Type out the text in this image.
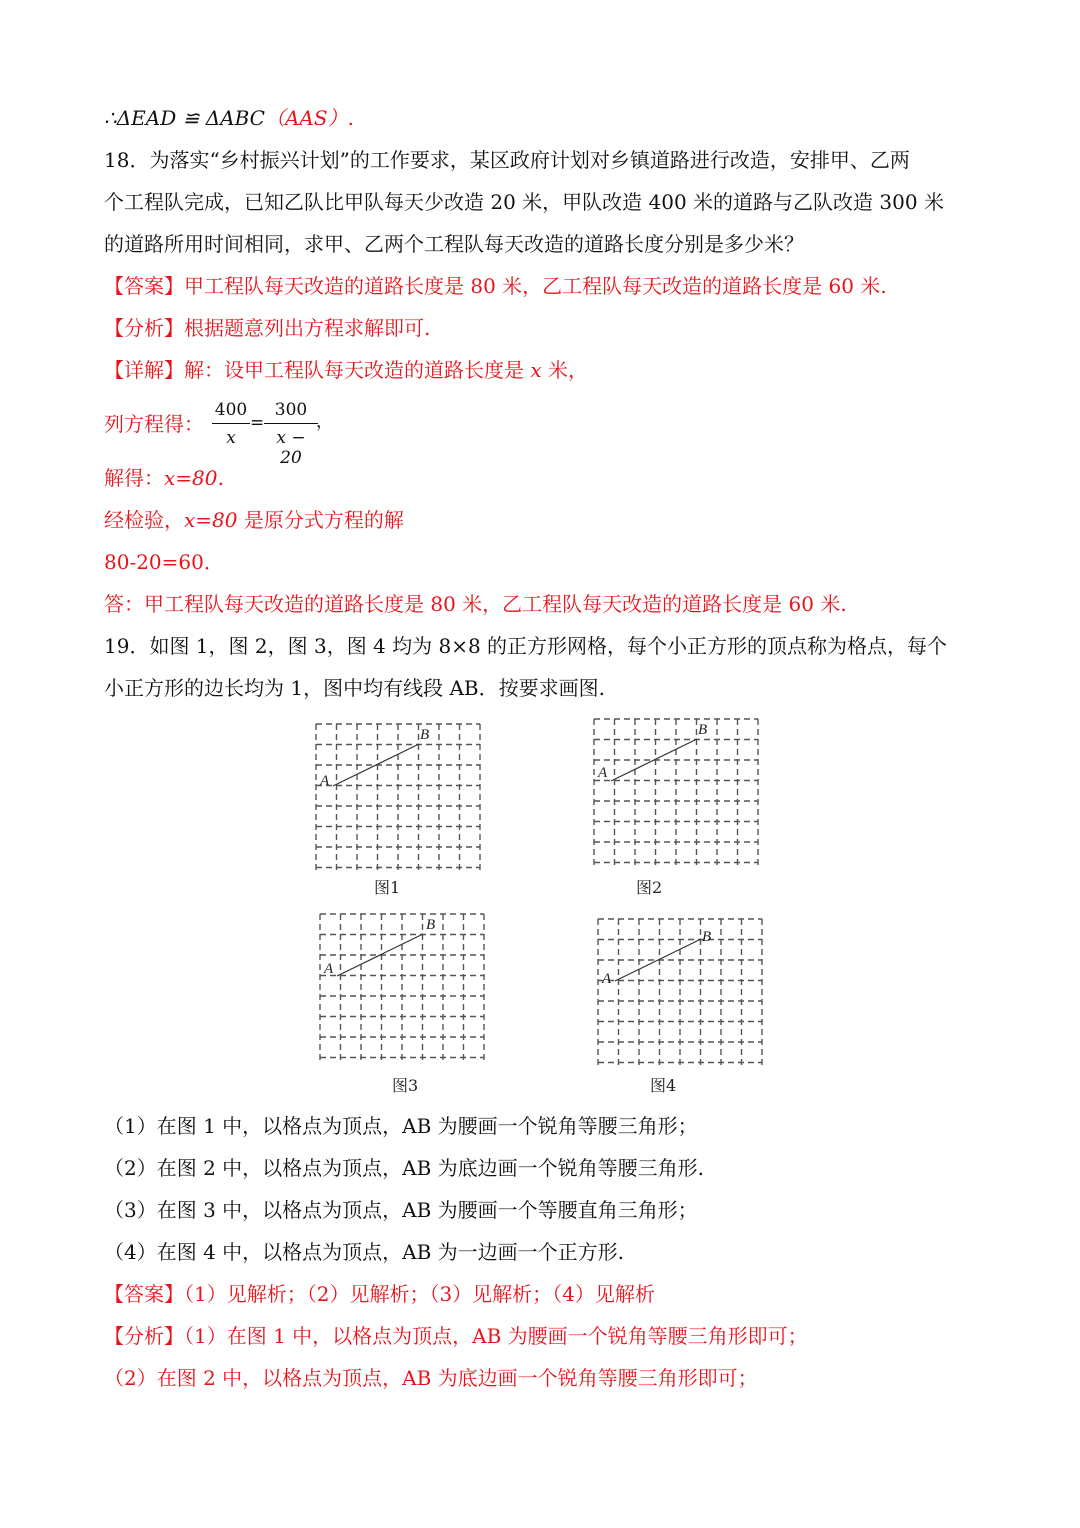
∴ΔEAD ≌ ΔABC（AAS）.
18．为落实“乡村振兴计划”的工作要求，某区政府计划对乡镇道路进行改造，安排甲、乙两
个工程队完成，已知乙队比甲队每天少改造 20 米，甲队改造 400 米的道路与乙队改造 300 米
的道路所用时间相同，求甲、乙两个工程队每天改造的道路长度分别是多少米？
【答案】甲工程队每天改造的道路长度是 80 米，乙工程队每天改造的道路长度是 60 米.
【分析】根据题意列出方程求解即可.
【详解】解：设甲工程队每天改造的道路长度是 x 米，
列方程得：
400
x
=
300
x − 20
，
解得：x=80．
经检验，x=80 是原分式方程的解
80-20=60．
答：甲工程队每天改造的道路长度是 80 米，乙工程队每天改造的道路长度是 60 米.
19．如图 1，图 2，图 3，图 4 均为 8×8 的正方形网格，每个小正方形的顶点称为格点，每个
小正方形的边长均为 1，图中均有线段 AB．按要求画图.
A
B
图1
A
B
图2
A
B
图3
A
B
图4
（1）在图 1 中，以格点为顶点，AB 为腰画一个锐角等腰三角形；
（2）在图 2 中，以格点为顶点，AB 为底边画一个锐角等腰三角形.
（3）在图 3 中，以格点为顶点，AB 为腰画一个等腰直角三角形；
（4）在图 4 中，以格点为顶点，AB 为一边画一个正方形.
【答案】（1）见解析；（2）见解析；（3）见解析；（4）见解析
【分析】（1）在图 1 中，以格点为顶点，AB 为腰画一个锐角等腰三角形即可；
（2）在图 2 中，以格点为顶点，AB 为底边画一个锐角等腰三角形即可；
